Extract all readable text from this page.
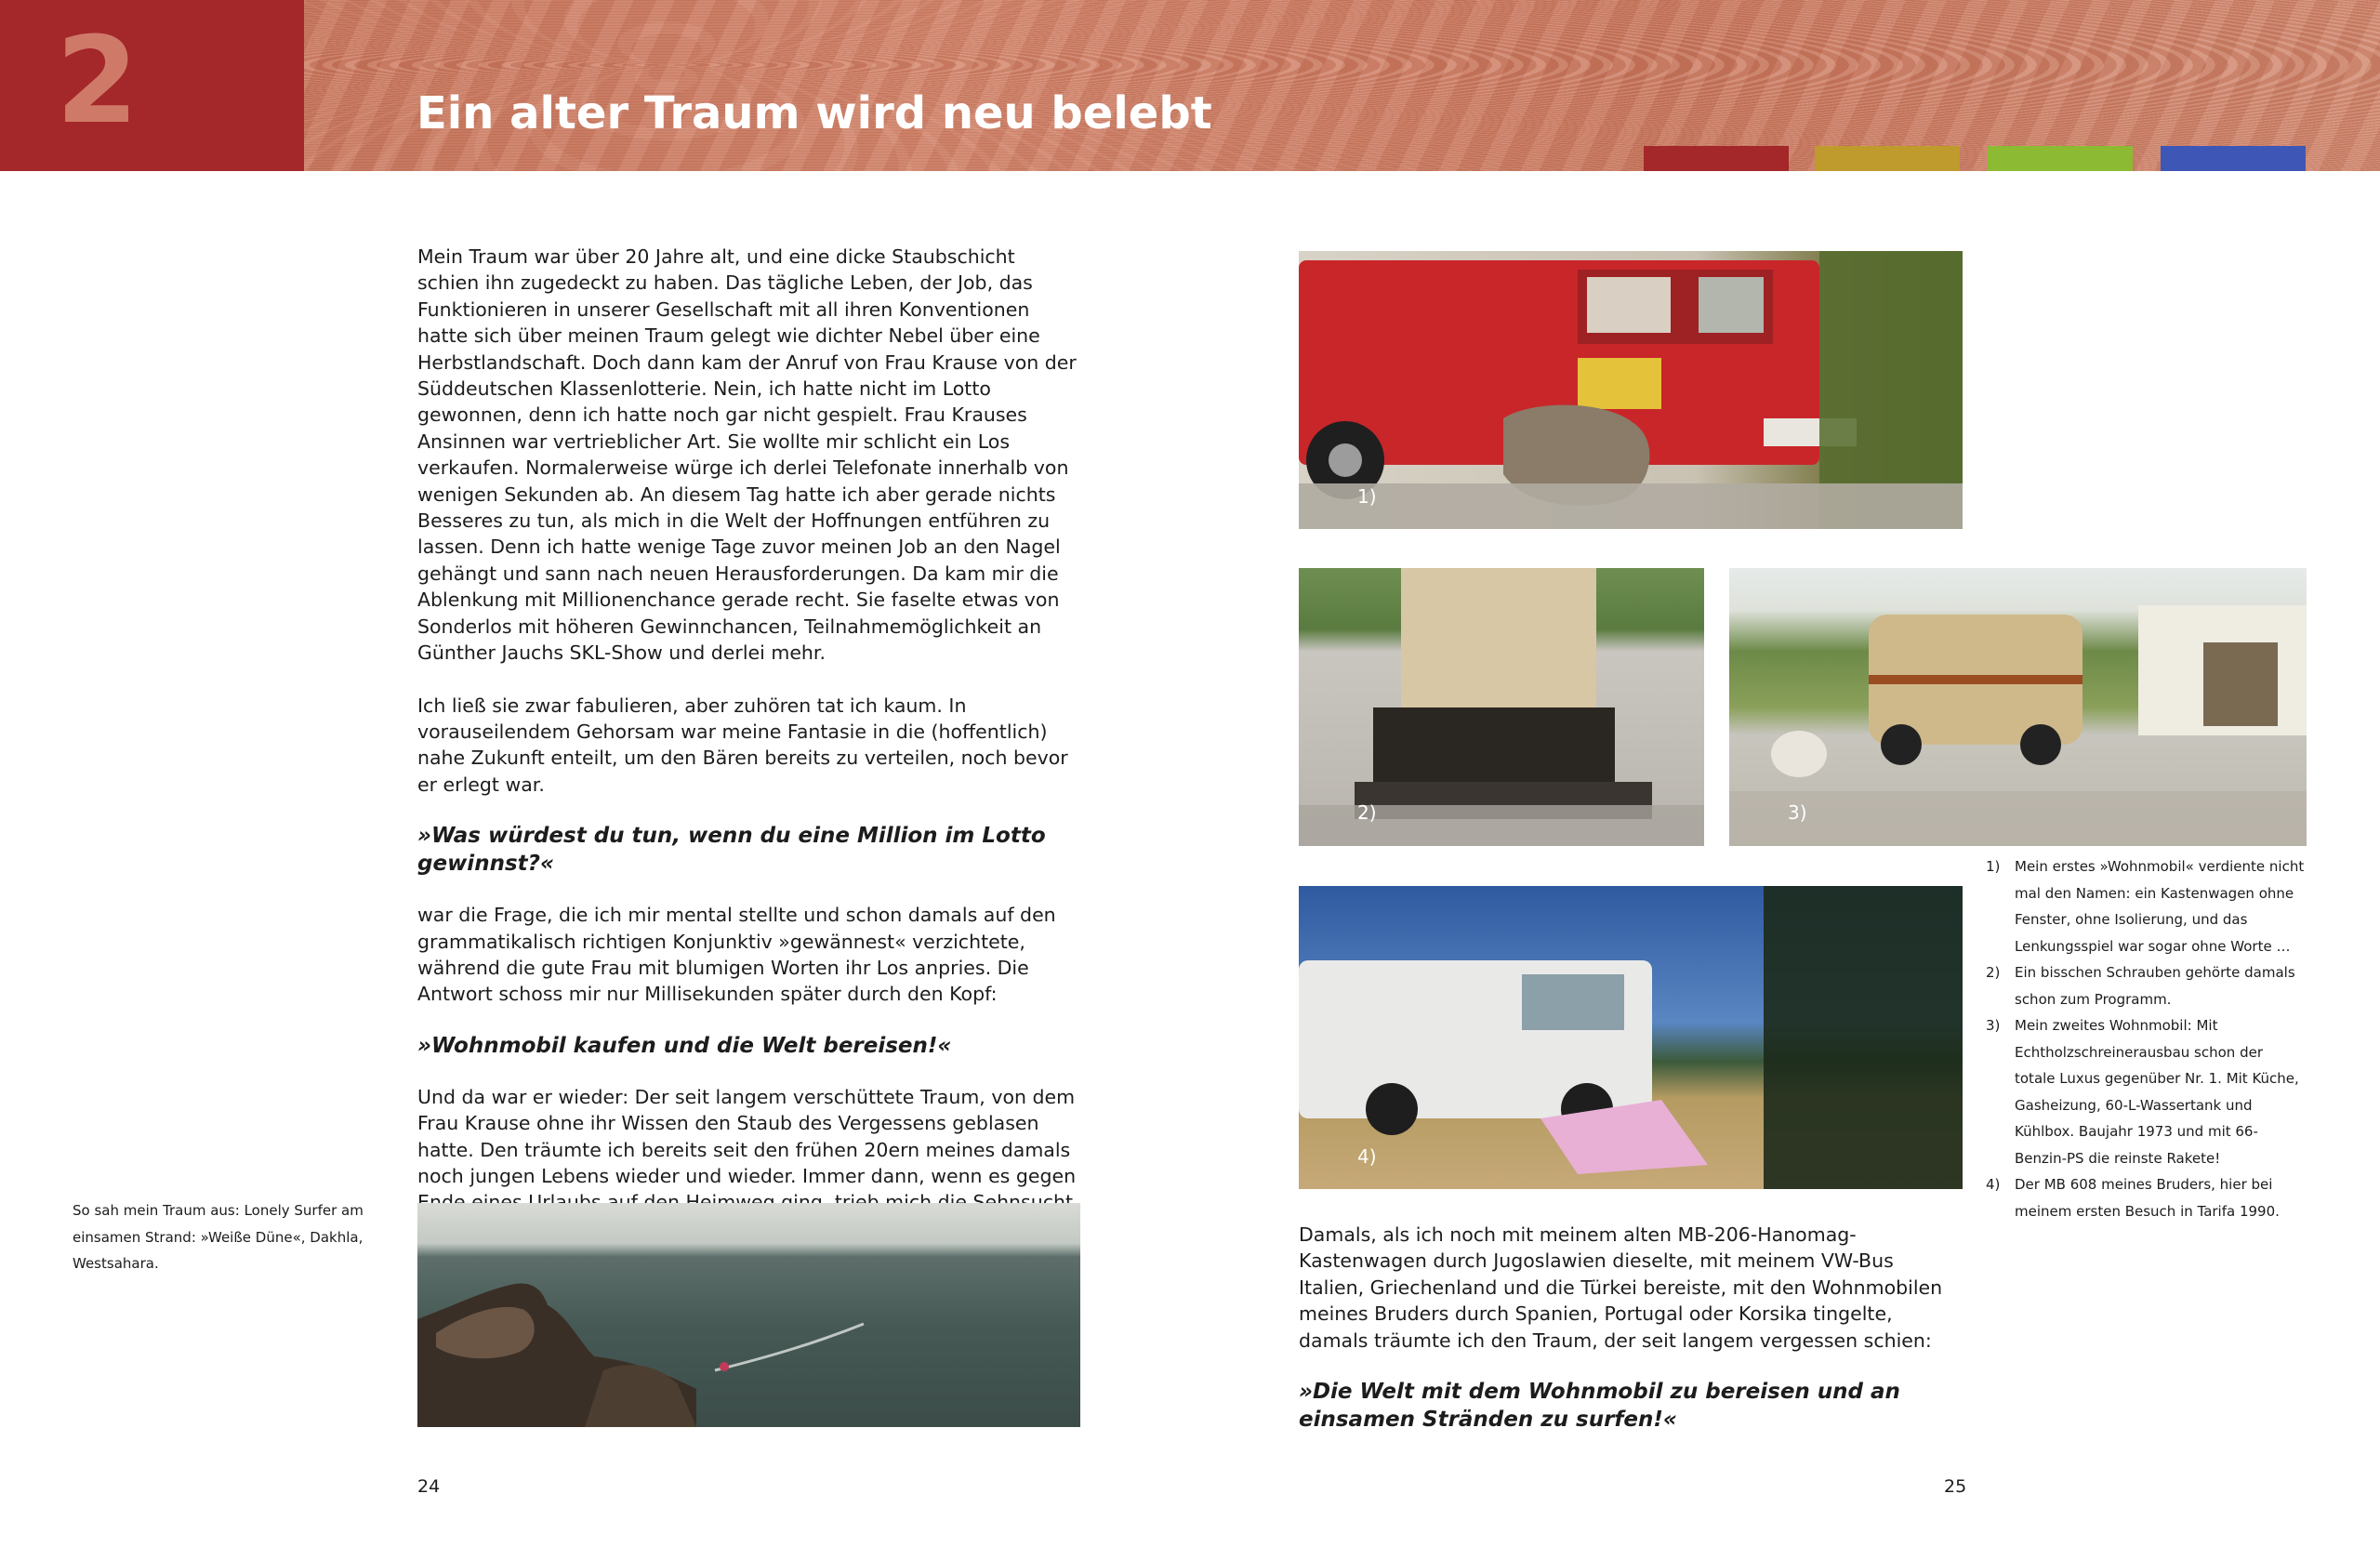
2	Ein alter Traum wird neu belebt

Mein Traum war über 20 Jahre alt, und eine dicke Staubschicht schien ihn zugedeckt zu haben. Das tägliche Leben, der Job, das Funktionieren in unserer Gesellschaft mit all ihren Konventionen hatte sich über meinen Traum gelegt wie dichter Nebel über eine Herbstlandschaft. Doch dann kam der Anruf von Frau Krause von der Süddeutschen Klassenlotterie. Nein, ich hatte nicht im Lotto gewonnen, denn ich hatte noch gar nicht gespielt. Frau Krauses Ansinnen war vertrieblicher Art. Sie wollte mir schlicht ein Los verkaufen. Normalerweise würge ich derlei Telefonate innerhalb von wenigen Sekunden ab. An diesem Tag hatte ich aber gerade nichts Besseres zu tun, als mich in die Welt der Hoffnungen entführen zu lassen. Denn ich hatte wenige Tage zuvor meinen Job an den Nagel gehängt und sann nach neuen Herausforderungen. Da kam mir die Ablenkung mit Millionenchance gerade recht. Sie faselte etwas von Sonderlos mit höheren Gewinnchancen, Teilnahmemöglichkeit an Günther Jauchs SKL-Show und derlei mehr.

Ich ließ sie zwar fabulieren, aber zuhören tat ich kaum. In vorauseilendem Gehorsam war meine Fantasie in die (hoffentlich) nahe Zukunft enteilt, um den Bären bereits zu verteilen, noch bevor er erlegt war.

»Was würdest du tun, wenn du eine Million im Lotto gewinnst?«

war die Frage, die ich mir mental stellte und schon damals auf den grammatikalisch richtigen Konjunktiv »gewännest« verzichtete, während die gute Frau mit blumigen Worten ihr Los anpries. Die Antwort schoss mir nur Millisekunden später durch den Kopf:

»Wohnmobil kaufen und die Welt bereisen!«

Und da war er wieder: Der seit langem verschüttete Traum, von dem Frau Krause ohne ihr Wissen den Staub des Vergessens geblasen hatte. Den träumte ich bereits seit den frühen 20ern meines damals noch jungen Lebens wieder und wieder. Immer dann, wenn es gegen

So sah mein Traum aus: Lonely Surfer am einsamen Strand: »Weiße Düne«, Dakhla, Westsahara.
1)
2)	3)
4)
1) Mein erstes »Wohnmobil« verdiente nicht mal den Namen: ein Kastenwagen ohne Fenster, ohne Isolierung, und das Lenkungsspiel war sogar ohne Worte …
2) Ein bisschen Schrauben gehörte damals schon zum Programm.
3) Mein zweites Wohnmobil: Mit Echtholzschreinerausbau schon der totale Luxus gegenüber Nr. 1. Mit Küche, Gasheizung, 60-L-Wassertank und Kühlbox. Baujahr 1973 und mit 66-Benzin-PS die reinste Rakete!
4) Der MB 608 meines Bruders, hier bei meinem ersten Besuch in Tarifa 1990.

Damals, als ich noch mit meinem alten MB-206-Hanomag-Kastenwagen durch Jugoslawien dieselte, mit meinem VW-Bus Italien, Griechenland und die Türkei bereiste, mit den Wohnmobilen meines Bruders durch Spanien, Portugal oder Korsika tingelte, damals träumte ich den Traum, der seit langem vergessen schien:

»Die Welt mit dem Wohnmobil zu bereisen und an einsamen Stränden zu surfen!«

24	25
